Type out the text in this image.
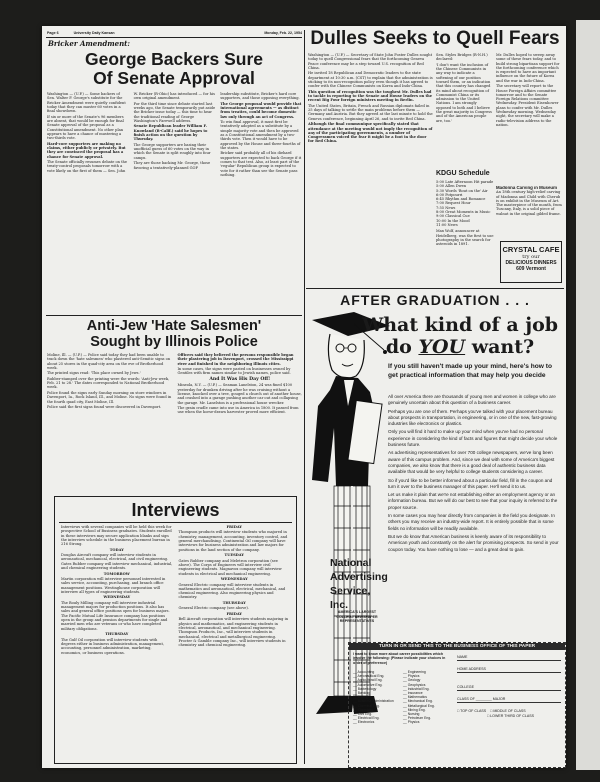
Page 6	University Daily Kansan	Monday, Feb. 22, 1954
Bricker Amendment:
George Backers Sure
Of Senate Approval

Washington — (U.P.) — Some backers of Sen. Walter F. George's substitute for the Bricker Amendment were quietly confident today that they can muster 60 votes in a final showdown.

If six or more of the Senate's 96 members are absent, that would be enough for final Senate approval of the proposal as a Constitutional amendment. No other plan appears to have a chance of mustering a two-thirds vote.

Hard-core supporters are making no claims, either publicly or privately. But they are convinced the proposal has a chance for Senate approval.

The Senate officially resumes debate on the treaty-control proposals tomorrow with a vote likely on the first of them — Sen. John W. Bricker (R-Ohio) has introduced — for his own original amendment.

For the third time since debate started last weeks ago, the Senate temporarily put aside the Bricker issue today — this time to hear the traditional reading of George Washington's Farewell address.

Senate Republican leader William F. Knowland (R-Calif.) said he hopes to finish action on the question by Thursday.

The George supporters are basing their unofficial guess of 60 votes on the way in which the Senate is split roughly into four camps.

They are those backing Mr. George, those favoring a tentatively-planned GOP leadership substitute, Bricker's hard core supporters, and those opposing everything.

The George proposal would provide that international agreements — as distinct from treaties, could become domestic law only through an act of Congress.

To win final approval, it must first be tentatively adopted as a substitute by a simple majority vote and then be approved as a Constitutional amendment by a two-thirds vote. Then it would have to be approved by the House and three-fourths of the states.

Bricker said probably all of his diehard supporters are expected to back George if it comes to that test. Also, at least part of the 'regular' Republican group is expected to vote for it rather than see the Senate pass nothing.

Anti-Jew 'Hate Salesmen'
Sought by Illinois Police

Moline, Ill. — (U.P.) — Police said today they had been unable to track down the 'hate salesmen' who plastered anti-Semitic signs on about 25 stores in the quad-city area on the eve of Brotherhood week.

The printed signs read: 'This place owned by Jews.'

Rubber-stamped over the printing were the words: 'Anti-Jew week, Feb. 21 to 28.' The dates corresponded to National Brotherhood week.

Police found the signs early Sunday morning on store windows in Davenport, Ia., Rock Island, Ill., and Moline. No signs were found in the fourth quad city, East Moline, Ill.

Police said the first signs found were discovered in Davenport.

Officers said they believed the persons responsible began their plastering job in Davenport, crossed the Mississippi river and finished in the neighboring Illinois cities.

In some cases, the signs were pasted on businesses owned by Gentiles with firm names similar to Jewish names, police said.

And It Was His Day Off!

Mineola, N.Y. — (U.P.) — Seaman Lanelston, 24 was fined $100 yesterday for drunken driving after he was cruising without a license, knocked over a tree, gouged a church out of another house, and crashed into a garage pushing another car out and collapsing the garage. Mr. Lanelston is a professional house wrecker.

The grain cradle came into use in America in 1800. It passed from use when the horse-drawn harvester proved more efficient.

Interviews

Interviews with several companies will be held this week for prospective School of Business graduates. Students enrolled in these interviews may secure application blanks and sign the interview schedule in the business placement bureau in 216 Strong.

TODAY

Douglas Aircraft company will interview students in aeronautical, mechanical, electrical, and civil engineering. Gates Rubber company will interview mechanical, industrial, and chemical engineering students.

TOMORROW

Martin corporation will interview personnel interested in sales service, accounting, purchasing, and branch office management positions. Westinghouse corporation will interview all types of engineering students.

WEDNESDAY

The Bouly Milling company will interview industrial management majors for production positions. It also has sales and general office positions open for business majors. The Pacific Mutual Life Insurance company has positions open in the group and pension departments for single and married men who are veterans or who have completed military obligations.

THURSDAY

The Gulf Oil corporation will interview students with degrees either in business administration, management, accounting, personnel administration, marketing, economics, or business operations.

FRIDAY

Thompson products will interview students who majored in chemistry, management, accounting, inventory control, and general merchandising. Continental Oil company will have interviews for business administration and law majors for positions in the land section of the company.

TUESDAY

Gates Rubber company and Meletron corporation (see above). The Corps of Engineers will interview civil engineering students. Magnavox company will interview students in electrical and mechanical engineering.

WEDNESDAY

General Electric company will interview students in mathematics and aeronautical, electrical, mechanical, and chemical engineering. Also engineering physics and chemistry.

THURSDAY

General Electric company (see above).

FRIDAY

Bell Aircraft corporation will interview students majoring in physics and mathematics, and engineering students in electrical, aeronautical, and mechanical engineering. Thompson Products, Inc., will interview students in mechanical, electrical and metallurgical engineering. Procter & Gamble company Inc., will interview students in chemistry and chemical engineering.

Dulles Seeks to Quell Fears

Washington — (U.P.) — Secretary of State John Foster Dulles sought today to quell Congressional fears that the forthcoming Geneva Peace conference may be a step toward U.S. recognition of Red China.

He invited 18 Republican and Democratic leaders to the state department at 10:30 a.m. (CST) to explain that the administration is sticking to its non-recognition policy even though it has agreed to confer with the Chinese Communists on Korea and Indo-China.

This question of recognition was the toughest Mr. Dulles had to tackle in reporting to the Senate and House leaders on the recent Big Four foreign ministers meeting in Berlin.

The United States, Britain, French and Russian diplomats failed in 25 days of talking to settle the main problems before them — Germany and Austria. But they agreed at the last minute to hold the Geneva conference, beginning April 26, and to invite Red China.

Although the final communique specifically stated that attendance at the meeting would not imply the recognition of any of the participating governments, a number of Congressmen voiced the fear it might be a foot in the door for Red China.

Sen. Styles Bridges (R-N.H.) declared:

'I don't want the inclusion of the Chinese Communists in any way to indicate a softening of our position toward them, or an indication that this country has changed its mind about recognition of Communist China or its admission to the United Nations. I am strongly opposed to both and I believe the great majority in Congress and of the American people are, too.'

Mr. Dulles hoped to sweep away some of these fears today, and to build strong bipartisan support for the forthcoming conference which is expected to have an important influence on the future of Korea and the war in Indo-China.

The secretary will report to the House Foreign Affairs committee tomorrow and to the Senate Foreign Relations committee Wednesday. President Eisenhower plans to confer with Mr. Dulles Wednesday morning. Wednesday night, the secretary will make a radio-television address to the nation.

KDGU Schedule
5:00 Late Afternoon Hit parade
5:00 Allen Dwen
5:30 Words 'Bout on the' Air
6:00 Potpourri
6:45 Rhythm and Romance
7:00 Request Hour
7:55 News
8:00 Great Moments in Music
9:00 Classical Cue
10:00 In the Mood
11:00 News

Max Wolf, announcer at Heidelberg, was the first to use photography in the search for asteroids in 1891.

Madonna Carving in Museum

An 18th century high-relief carving of Madonna and Child with Cherub is on exhibit in the Museum of Art. The masterpiece of the month, from Tuscany, Italy, is a solid piece of walnut in the original gilded frame.

CRYSTAL CAFE
try our
DELICIOUS DINNERS
609 Vermont
AFTER GRADUATION . . .
What kind of a job
do YOU want?
If you still haven't made up your mind, here's how to get practical information that may help you decide

All over America there are thousands of young men and women in college who are genuinely uncertain about this question of a business career.

Perhaps you are one of them. Perhaps you've talked with your placement bureau about prospects in transportation, in engineering, or in one of the new, fast-growing industries like electronics or plastics.

Only you will find it hard to make up your mind when you've had no personal experience in considering the kind of facts and figures that might decide your whole business future.

As advertising representatives for over 700 college newspapers, we've long been aware of this campus problem. And, since we deal with some of America's biggest companies, we also know that there is a good deal of authentic business data available that would be very helpful to college students considering a career.

So if you'd like to be better informed about a particular field, fill in the coupon and turn it over to the business manager of this paper. He'll send it to us.

Let us make it plain that we're not establishing either an employment agency or an information bureau. But we will do our best to see that your inquiry is referred to the proper source.

In some cases you may hear directly from companies in the field you designate. In others you may receive an industry-wide report. It is entirely possible that in some fields no information will be readily available.

But we do know that American business is keenly aware of its responsibility to American youth and constantly on the alert for promising prospects. So send in your coupon today. You have nothing to lose — and a great deal to gain.

National
Advertising
Service, Inc.
AMERICA'S LARGEST COLLEGE NEWSPAPER REPRESENTATIVES
TURN IN OR SEND THIS TO THE BUSINESS OFFICE OF THIS PAPER
I want to know more about career possibilities which involve the following: (Please indicate your choices in order of preference)
__ Accounting
__ Aeronautical Eng.
__ Agricultural Eng.
__ Automotive Eng.
__ Bacteriology
__ Banking
__ Biology
__ Business Administration
__ Chemical Eng.
__ Chemistry
__ Civil Eng.
__ Electrical Eng.
__ Electronics
__ Engineering
__ Physics
__ Geology
__ Geophysics
__ Industrial Eng.
__ Insurance
__ Mathematics
__ Mechanical Eng.
__ Metallurgical Eng.
__ Mining Eng.
__ Nursing
__ Petroleum Eng.
__ Physics
NAME
HOME ADDRESS
COLLEGE
CLASS OF ________ MAJOR
□ TOP OF CLASS □ MIDDLE OF CLASS
□ LOWER THIRD OF CLASS
